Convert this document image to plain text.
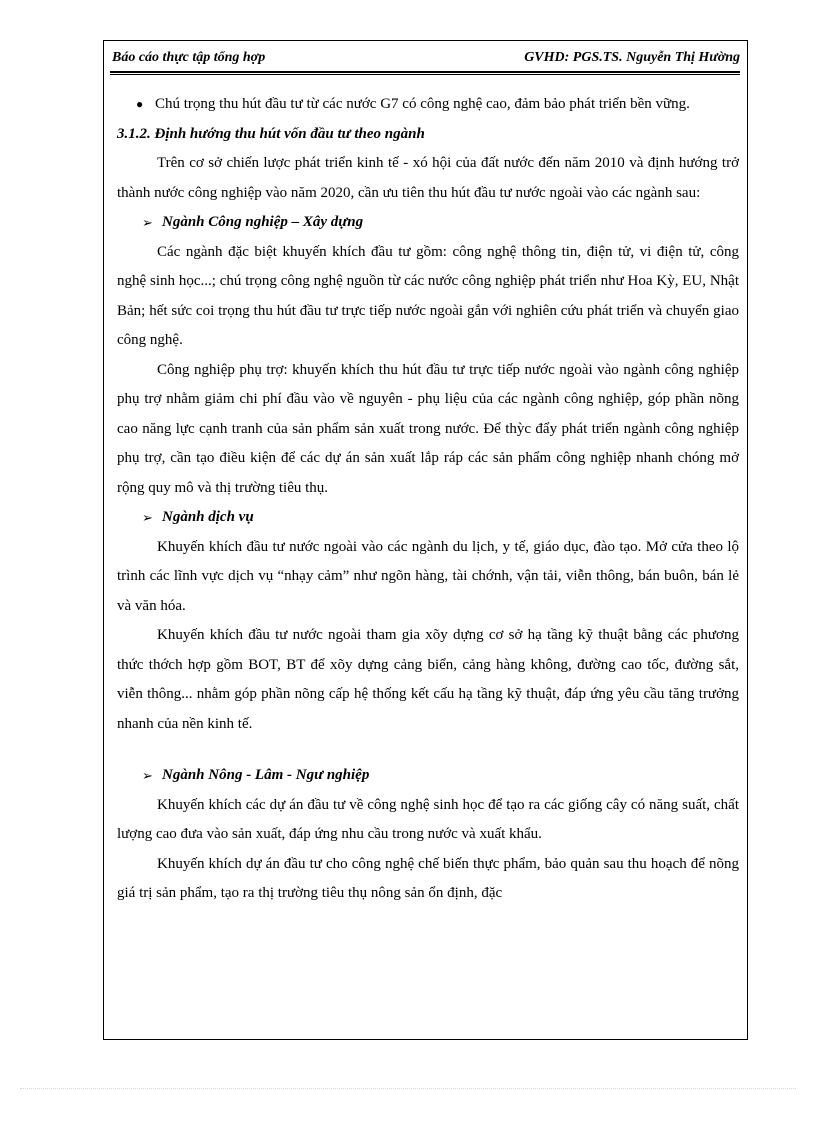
Báo cáo thực tập tổng hợp	GVHD: PGS.TS. Nguyễn Thị Hường

● Chú trọng thu hút đầu tư từ các nước G7 có công nghệ cao, đảm bảo phát triển bền vững.

3.1.2. Định hướng thu hút vốn đầu tư theo ngành

Trên cơ sở chiến lược phát triển kinh tế - xó hội của đất nước đến năm 2010 và định hướng trở thành nước công nghiệp vào năm 2020, cần ưu tiên thu hút đầu tư nước ngoài vào các ngành sau:

➢ Ngành Công nghiệp – Xây dựng

Các ngành đặc biệt khuyến khích đầu tư gồm: công nghệ thông tin, điện tử, vi điện tử, công nghệ sinh học...; chú trọng công nghệ nguồn từ các nước công nghiệp phát triển như Hoa Kỳ, EU, Nhật Bản; hết sức coi trọng thu hút đầu tư trực tiếp nước ngoài gắn với nghiên cứu phát triển và chuyển giao công nghệ.

Công nghiệp phụ trợ: khuyến khích thu hút đầu tư trực tiếp nước ngoài vào ngành công nghiệp phụ trợ nhằm giảm chi phí đầu vào về nguyên - phụ liệu của các ngành công nghiệp, góp phần nõng cao năng lực cạnh tranh của sản phẩm sản xuất trong nước. Để thỳc đẩy phát triển ngành công nghiệp phụ trợ, cần tạo điều kiện để các dự án sản xuất lắp ráp các sản phẩm công nghiệp nhanh chóng mở rộng quy mô và thị trường tiêu thụ.

➢ Ngành dịch vụ

Khuyến khích đầu tư nước ngoài vào các ngành du lịch, y tế, giáo dục, đào tạo. Mở cửa theo lộ trình các lĩnh vực dịch vụ “nhạy cảm” như ngõn hàng, tài chớnh, vận tải, viễn thông, bán buôn, bán lẻ và văn hóa.

Khuyến khích đầu tư nước ngoài tham gia xõy dựng cơ sở hạ tầng kỹ thuật bằng các phương thức thớch hợp gồm BOT, BT để xõy dựng cảng biển, cảng hàng không, đường cao tốc, đường sắt, viễn thông... nhằm góp phần nõng cấp hệ thống kết cấu hạ tầng kỹ thuật, đáp ứng yêu cầu tăng trưởng nhanh của nền kinh tế.

➢ Ngành Nông - Lâm - Ngư nghiệp

Khuyến khích các dự án đầu tư về công nghệ sinh học để tạo ra các giống cây có năng suất, chất lượng cao đưa vào sản xuất, đáp ứng nhu cầu trong nước và xuất khẩu.

Khuyến khích dự án đầu tư cho công nghệ chế biến thực phẩm, bảo quản sau thu hoạch để nõng giá trị sản phẩm, tạo ra thị trường tiêu thụ nông sản ổn định, đặc
